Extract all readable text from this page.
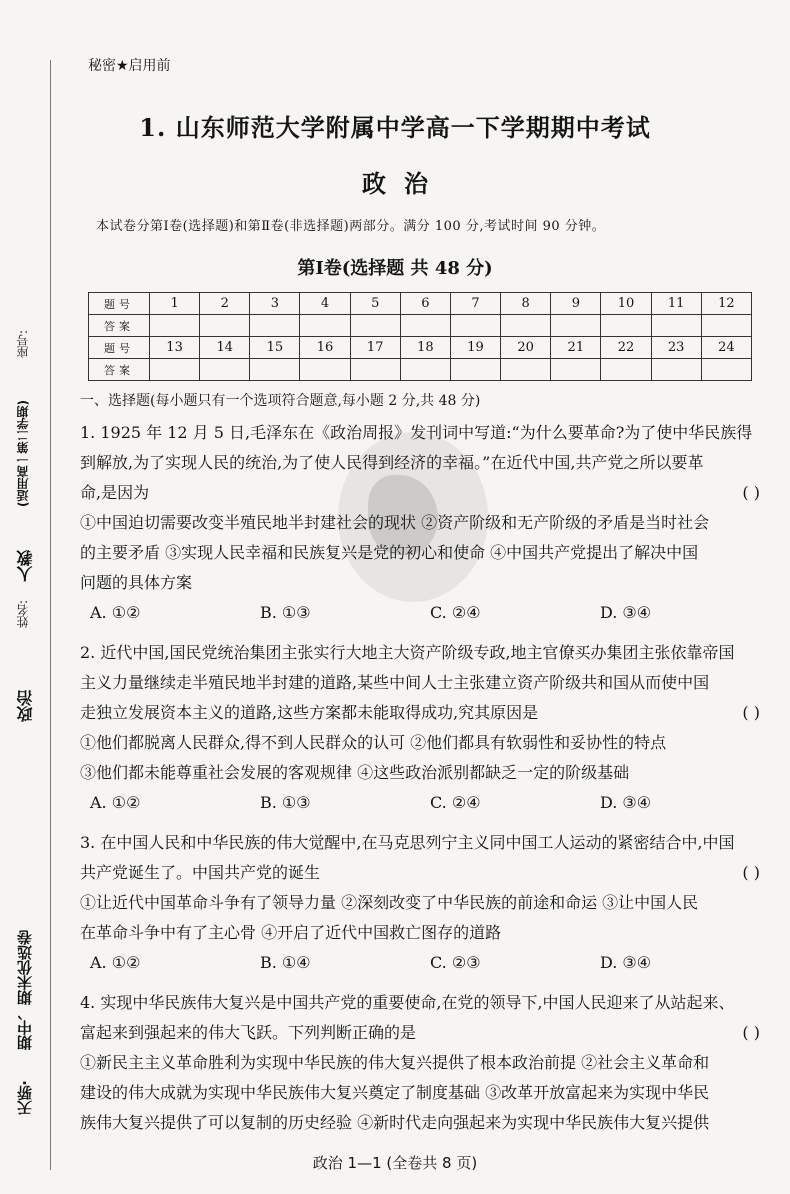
座号:
姓名:
(适用高一第二学期)
人教
政治
期中、期末优选卷
天骄·
秘密★启用前
1. 山东师范大学附属中学高一下学期期中考试
政治
本试卷分第Ⅰ卷(选择题)和第Ⅱ卷(非选择题)两部分。满分 100 分,考试时间 90 分钟。
第Ⅰ卷(选择题 共 48 分)
题号	1	2	3	4	5	6	7	8	9	10	11	12
答案												
题号	13	14	15	16	17	18	19	20	21	22	23	24
答案												
一、选择题(每小题只有一个选项符合题意,每小题 2 分,共 48 分)

1. 1925 年 12 月 5 日,毛泽东在《政治周报》发刊词中写道:“为什么要革命?为了使中华民族得

到解放,为了实现人民的统治,为了使人民得到经济的幸福。”在近代中国,共产党之所以要革

命,是因为	( )

①中国迫切需要改变半殖民地半封建社会的现状 ②资产阶级和无产阶级的矛盾是当时社会

的主要矛盾 ③实现人民幸福和民族复兴是党的初心和使命 ④中国共产党提出了解决中国

问题的具体方案

A. ①②	B. ①③	C. ②④	D. ③④

2. 近代中国,国民党统治集团主张实行大地主大资产阶级专政,地主官僚买办集团主张依靠帝国

主义力量继续走半殖民地半封建的道路,某些中间人士主张建立资产阶级共和国从而使中国

走独立发展资本主义的道路,这些方案都未能取得成功,究其原因是	( )

①他们都脱离人民群众,得不到人民群众的认可 ②他们都具有软弱性和妥协性的特点

③他们都未能尊重社会发展的客观规律 ④这些政治派别都缺乏一定的阶级基础

A. ①②	B. ①③	C. ②④	D. ③④

3. 在中国人民和中华民族的伟大觉醒中,在马克思列宁主义同中国工人运动的紧密结合中,中国

共产党诞生了。中国共产党的诞生	( )

①让近代中国革命斗争有了领导力量 ②深刻改变了中华民族的前途和命运 ③让中国人民

在革命斗争中有了主心骨 ④开启了近代中国救亡图存的道路

A. ①②	B. ①④	C. ②③	D. ③④

4. 实现中华民族伟大复兴是中国共产党的重要使命,在党的领导下,中国人民迎来了从站起来、

富起来到强起来的伟大飞跃。下列判断正确的是	( )

①新民主主义革命胜利为实现中华民族的伟大复兴提供了根本政治前提 ②社会主义革命和

建设的伟大成就为实现中华民族伟大复兴奠定了制度基础 ③改革开放富起来为实现中华民

族伟大复兴提供了可以复制的历史经验 ④新时代走向强起来为实现中华民族伟大复兴提供

政治 1—1 (全卷共 8 页)
